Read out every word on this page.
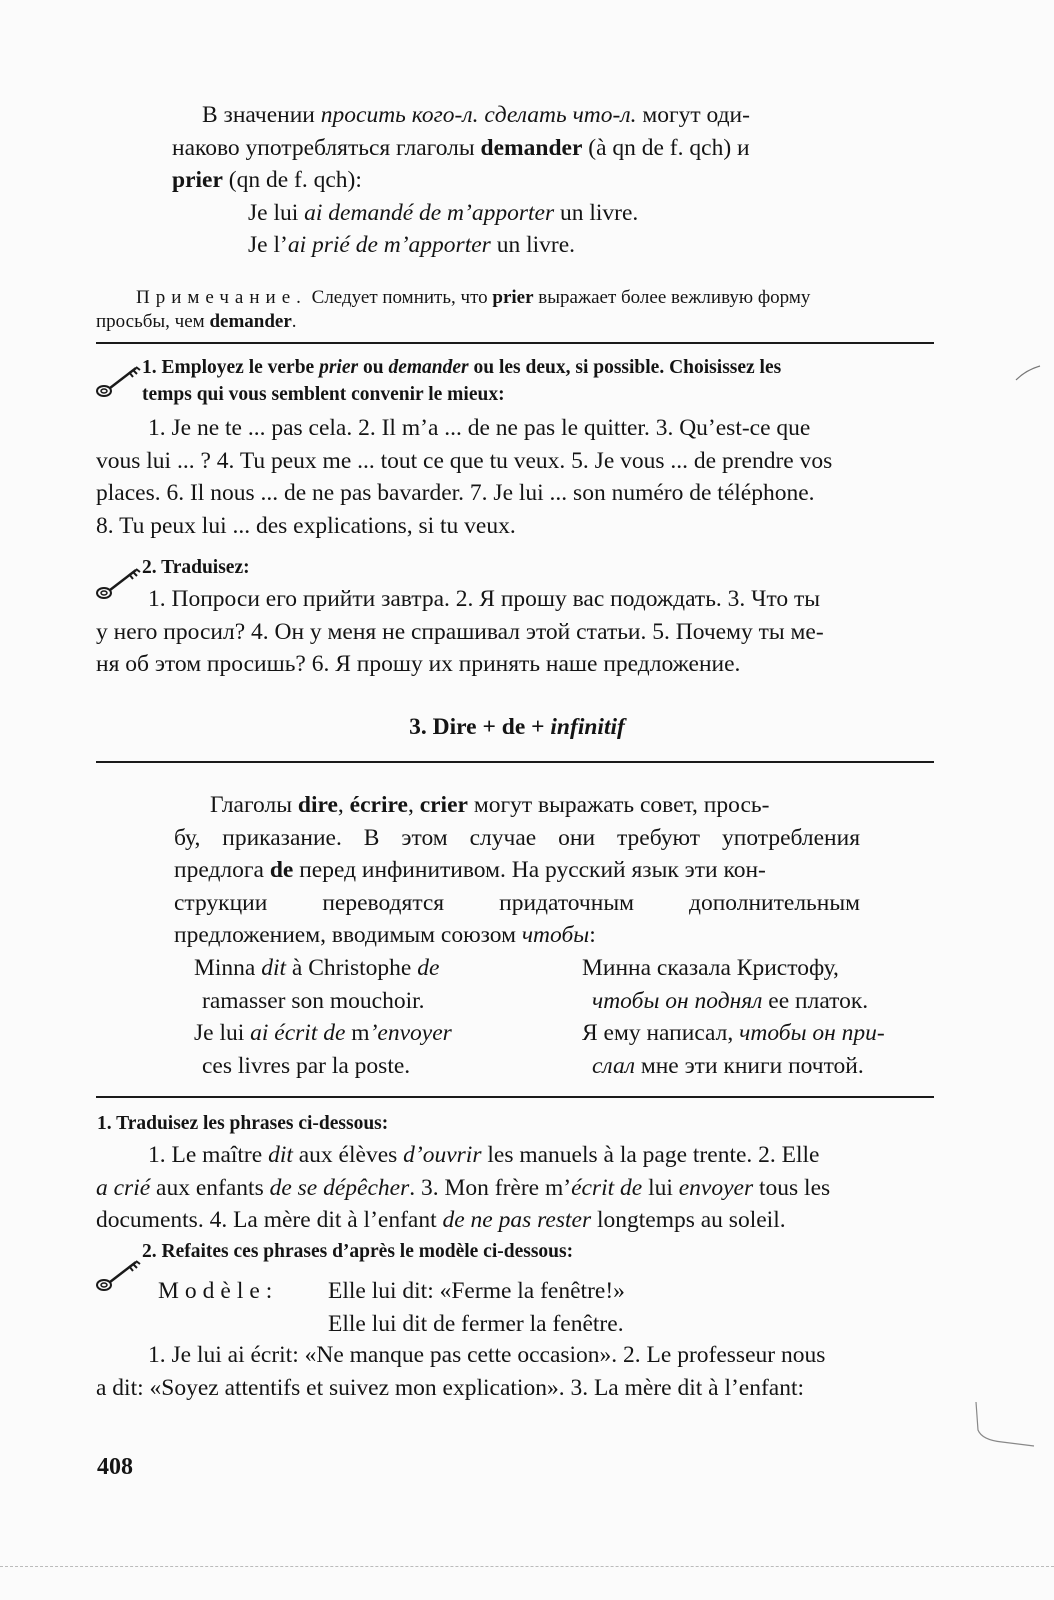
В значении просить кого-л. сделать что-л. могут оди-
наково употребляться глаголы demander (à qn de f. qch) и
prier (qn de f. qch):
Je lui ai demandé de m’apporter un livre.
Je l’ai prié de m’apporter un livre.
Примечание. Следует помнить, что prier выражает более вежливую форму
просьбы, чем demander.
1. Employez le verbe prier ou demander ou les deux, si possible. Choisissez les
temps qui vous semblent convenir le mieux:
1. Je ne te ... pas cela. 2. Il m’a ... de ne pas le quitter. 3. Qu’est-ce que
vous lui ... ? 4. Tu peux me ... tout ce que tu veux. 5. Je vous ... de prendre vos
places. 6. Il nous ... de ne pas bavarder. 7. Je lui ... son numéro de téléphone.
8. Tu peux lui ... des explications, si tu veux.
2. Traduisez:
1. Попроси его прийти завтра. 2. Я прошу вас подождать. 3. Что ты
у него просил? 4. Он у меня не спрашивал этой статьи. 5. Почему ты ме-
ня об этом просишь? 6. Я прошу их принять наше предложение.
3. Dire + de + infinitif
Глаголы dire, écrire, crier могут выражать совет, прось-
бу, приказание. В этом случае они требуют употребления
предлога de перед инфинитивом. На русский язык эти кон-
струкции переводятся придаточным дополнительным
предложением, вводимым союзом чтобы:
Minna dit à Christophe de
ramasser son mouchoir.
Je lui ai écrit de m’envoyer
ces livres par la poste.
Минна сказала Кристофу,
чтобы он поднял ее платок.
Я ему написал, чтобы он при-
слал мне эти книги почтой.
1. Traduisez les phrases ci-dessous:
1. Le maître dit aux élèves d’ouvrir les manuels à la page trente. 2. Elle
a crié aux enfants de se dépêcher. 3. Mon frère m’écrit de lui envoyer tous les
documents. 4. La mère dit à l’enfant de ne pas rester longtemps au soleil.
2. Refaites ces phrases d’après le modèle ci-dessous:
Modèle: Elle lui dit: «Ferme la fenêtre!»
Elle lui dit de fermer la fenêtre.
1. Je lui ai écrit: «Ne manque pas cette occasion». 2. Le professeur nous
a dit: «Soyez attentifs et suivez mon explication». 3. La mère dit à l’enfant:
408
